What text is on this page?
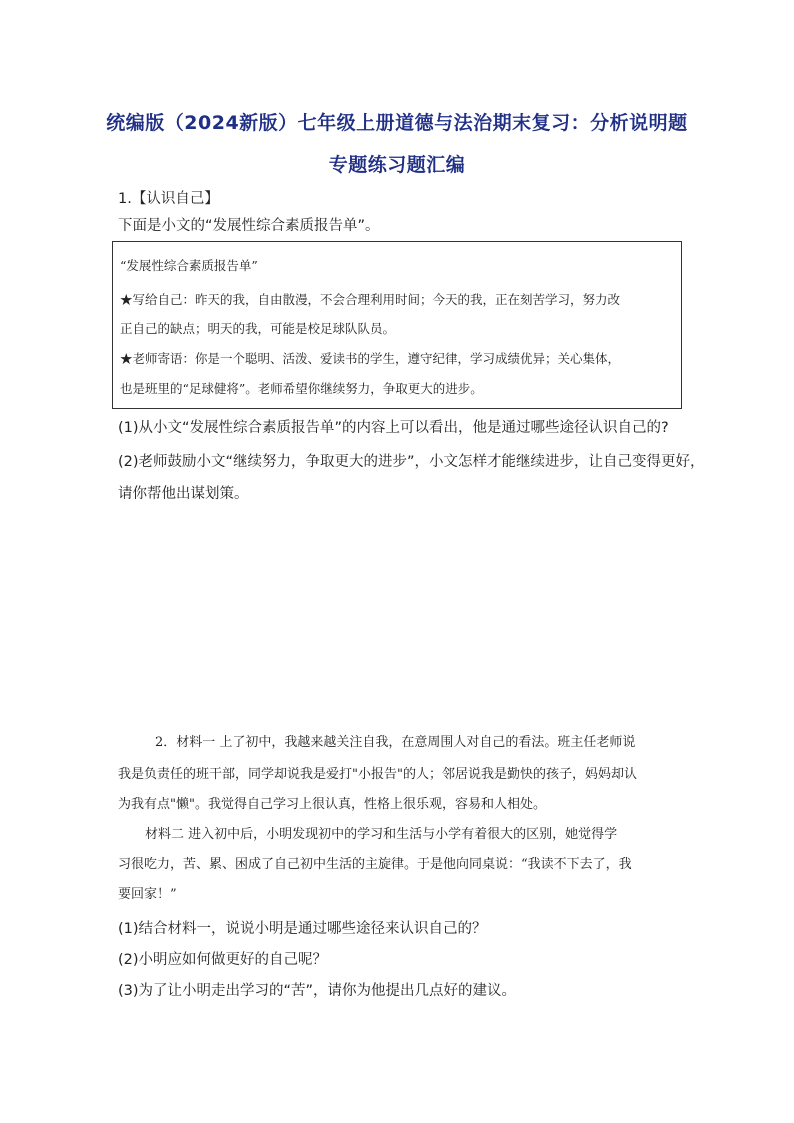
统编版（2024新版）七年级上册道德与法治期末复习：分析说明题
专题练习题汇编
1.【认识自己】
下面是小文的“发展性综合素质报告单”。
“发展性综合素质报告单”
★写给自己：昨天的我，自由散漫，不会合理利用时间；今天的我，正在刻苦学习，努力改
正自己的缺点；明天的我，可能是校足球队队员。
★老师寄语：你是一个聪明、活泼、爱读书的学生，遵守纪律，学习成绩优异；关心集体，
也是班里的“足球健将”。老师希望你继续努力，争取更大的进步。
(1)从小文“发展性综合素质报告单”的内容上可以看出，他是通过哪些途径认识自己的?
(2)老师鼓励小文“继续努力，争取更大的进步”，小文怎样才能继续进步，让自己变得更好，
请你帮他出谋划策。
2．材料一 上了初中，我越来越关注自我，在意周围人对自己的看法。班主任老师说
我是负责任的班干部，同学却说我是爱打"小报告"的人；邻居说我是勤快的孩子，妈妈却认
为我有点"懒"。我觉得自己学习上很认真，性格上很乐观，容易和人相处。
材料二 进入初中后，小明发现初中的学习和生活与小学有着很大的区别，她觉得学
习很吃力，苦、累、困成了自己初中生活的主旋律。于是他向同桌说：“我读不下去了，我
要回家！”
(1)结合材料一，说说小明是通过哪些途径来认识自己的？
(2)小明应如何做更好的自己呢？
(3)为了让小明走出学习的“苦”，请你为他提出几点好的建议。
